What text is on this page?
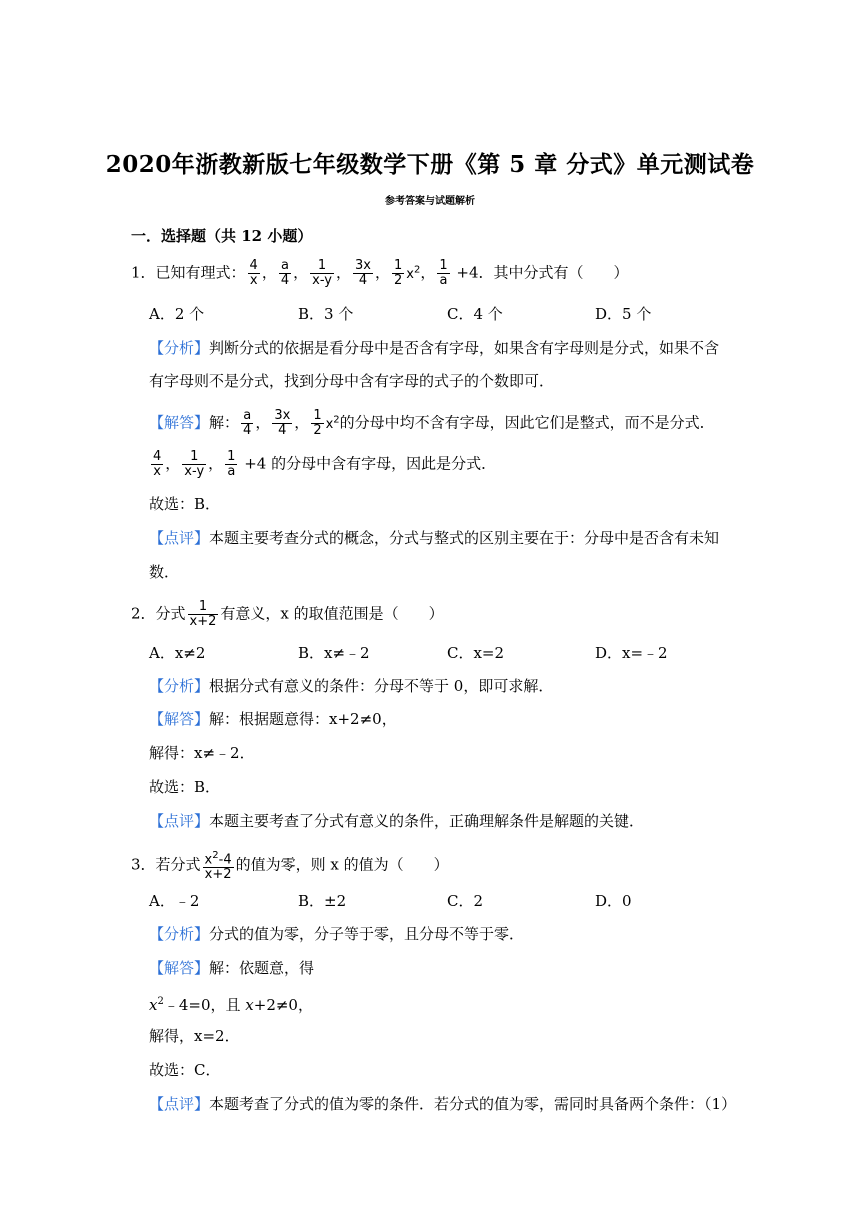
2020年浙教新版七年级数学下册《第 5 章 分式》单元测试卷
参考答案与试题解析
一．选择题（共 12 小题）
1．已知有理式： $\frac{4}{x}$ ， $\frac{a}{4}$ ， $\frac{1}{x-y}$ ， $\frac{3x}{4}$ ， $\frac{1}{2} x^2$， $\frac{1}{a} +4$．其中分式有（　　）
A．2 个	B．3 个	C．4 个	D．5 个
【分析】判断分式的依据是看分母中是否含有字母，如果含有字母则是分式，如果不含
有字母则不是分式，找到分母中含有字母的式子的个数即可．
【解答】解： $\frac{a}{4}$ ， $\frac{3x}{4}$ ， $\frac{1}{2} x^2$的分母中均不含有字母，因此它们是整式，而不是分式．
$\frac{4}{x}$ ， $\frac{1}{x-y}$ ， $\frac{1}{a} +4$ 的分母中含有字母，因此是分式．
故选：B．
【点评】本题主要考查分式的概念，分式与整式的区别主要在于：分母中是否含有未知
数．
2．分式 $\frac{1}{x+2}$ 有意义，x 的取值范围是（　　）
A．x≠2	B．x≠﹣2	C．x=2	D．x=﹣2
【分析】根据分式有意义的条件：分母不等于 0，即可求解．
【解答】解：根据题意得：x+2≠0，
解得：x≠﹣2．
故选：B．
【点评】本题主要考查了分式有意义的条件，正确理解条件是解题的关键．
3．若分式 $\frac{x^2-4}{x+2}$ 的值为零，则 x 的值为（　　）
A．﹣2	B．±2	C．2	D．0
【分析】分式的值为零，分子等于零，且分母不等于零．
【解答】解：依题意，得
$x^2﹣4=0$，且 x+2≠0，
解得，x=2．
故选：C．
【点评】本题考查了分式的值为零的条件．若分式的值为零，需同时具备两个条件：（1）
